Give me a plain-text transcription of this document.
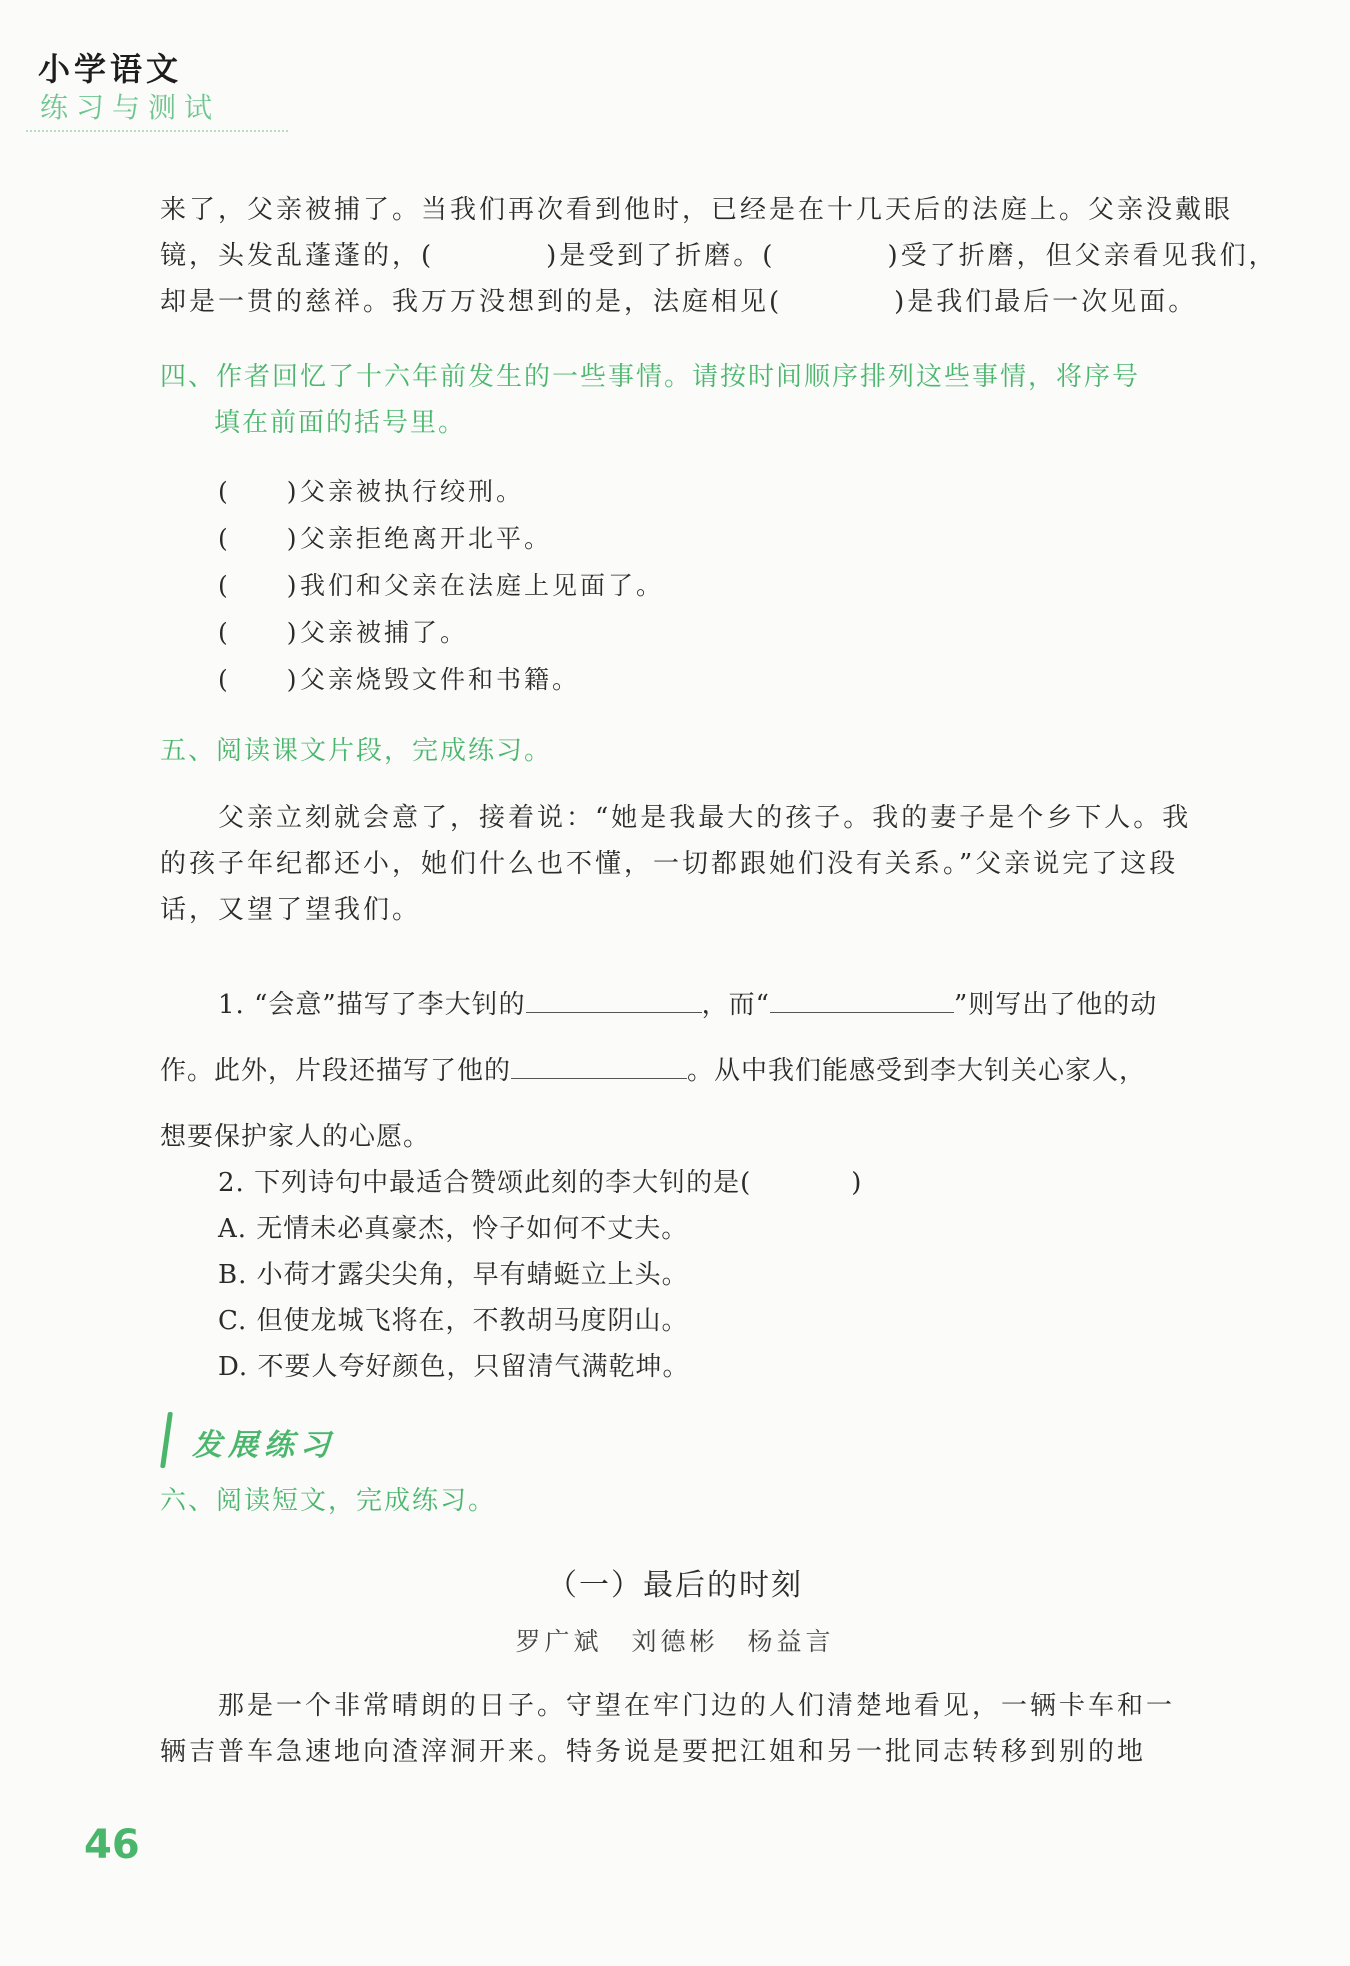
小学语文
练习与测试
来了，父亲被捕了。当我们再次看到他时，已经是在十几天后的法庭上。父亲没戴眼
镜，头发乱蓬蓬的，(	)是受到了折磨。(	)受了折磨，但父亲看见我们，
却是一贯的慈祥。我万万没想到的是，法庭相见(	)是我们最后一次见面。
四、作者回忆了十六年前发生的一些事情。请按时间顺序排列这些事情，将序号
填在前面的括号里。
(　　)父亲被执行绞刑。
(　　)父亲拒绝离开北平。
(　　)我们和父亲在法庭上见面了。
(　　)父亲被捕了。
(　　)父亲烧毁文件和书籍。
五、阅读课文片段，完成练习。
父亲立刻就会意了，接着说：“她是我最大的孩子。我的妻子是个乡下人。我
的孩子年纪都还小，她们什么也不懂，一切都跟她们没有关系。”父亲说完了这段
话，又望了望我们。
1. “会意”描写了李大钊的	，而“	”则写出了他的动
作。此外，片段还描写了他的	。从中我们能感受到李大钊关心家人，
想要保护家人的心愿。
2. 下列诗句中最适合赞颂此刻的李大钊的是(	)
A. 无情未必真豪杰，怜子如何不丈夫。
B. 小荷才露尖尖角，早有蜻蜓立上头。
C. 但使龙城飞将在，不教胡马度阴山。
D. 不要人夸好颜色，只留清气满乾坤。
发展练习
六、阅读短文，完成练习。
（一）最后的时刻
罗广斌　刘德彬　杨益言
那是一个非常晴朗的日子。守望在牢门边的人们清楚地看见，一辆卡车和一
辆吉普车急速地向渣滓洞开来。特务说是要把江姐和另一批同志转移到别的地
46
